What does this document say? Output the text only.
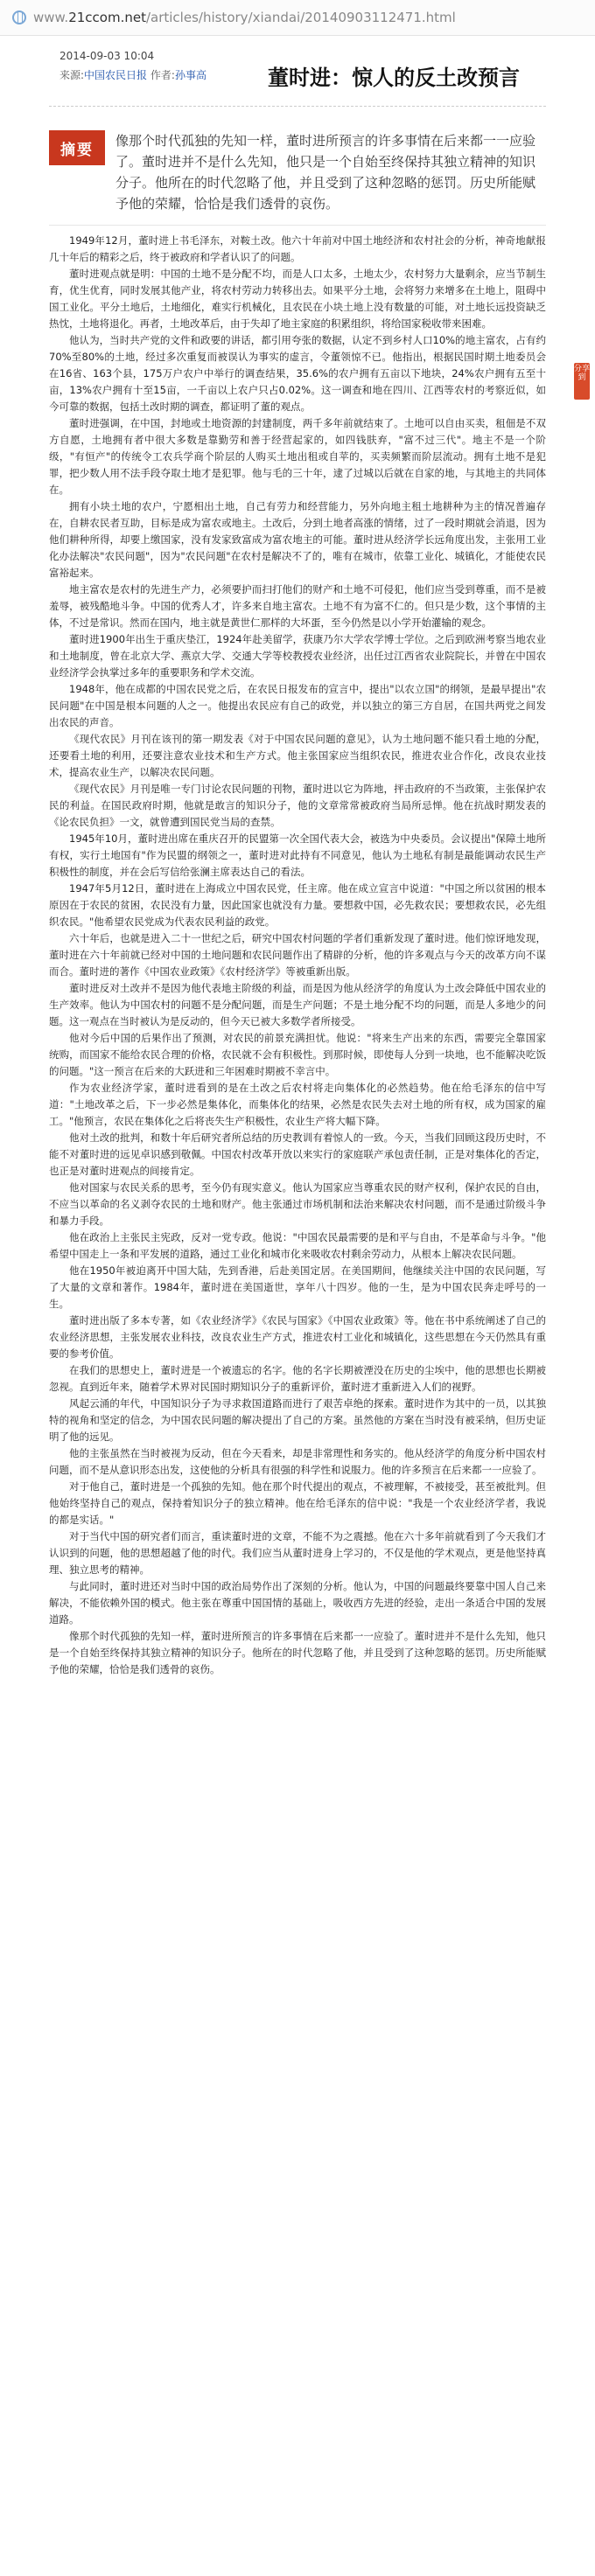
www.21ccom.net/articles/history/xiandai/20140903112471.html
2014-09-03 10:04
来源:中国农民日报 作者:孙事高	董时进：惊人的反土改预言
分享到
摘要
像那个时代孤独的先知一样，董时进所预言的许多事情在后来都一一应验了。董时进并不是什么先知，他只是一个自始至终保持其独立精神的知识分子。他所在的时代忽略了他，并且受到了这种忽略的惩罚。历史所能赋予他的荣耀，恰恰是我们透骨的哀伤。

1949年12月，董时进上书毛泽东，对鞍土改。他六十年前对中国土地经济和农村社会的分析，神奇地献报几十年后的精彩之后，终于被政府和学者认识了的问题。

董时进观点就是明：中国的土地不是分配不均，而是人口太多，土地太少，农村努力大量剩余，应当节制生育，优生优育，同时发展其他产业，将农村劳动力转移出去。如果平分土地，会将努力来增多在土地上，阻碍中国工业化。平分土地后，土地细化，难实行机械化，且农民在小块土地上没有数量的可能，对土地长远投资缺乏热忱，土地将退化。再者，土地改革后，由于失却了地主家庭的积累组织，将给国家税收带来困难。

他认为，当时共产党的文件和政要的讲话，都引用夸张的数据，认定不到乡村人口10%的地主富农，占有约70%至80%的土地，经过多次重复而被误认为事实的虚言，令董领惊不已。他指出，根据民国时期土地委员会在16省、163个县，175万户农户中举行的调查结果，35.6%的农户拥有五亩以下地块，24%农户拥有五至十亩，13%农户拥有十至15亩，一千亩以上农户只占0.02%。这一调查和地在四川、江西等农村的考察近似，如今可靠的数据，包括土改时期的调查，都证明了董的观点。

董时进强调，在中国，封地或土地资源的封建制度，两千多年前就结束了。土地可以自由买卖，租佃是不双方自愿，土地拥有者中很大多数是靠勤劳和善于经营起家的，如四钱肤弃，"富不过三代"。地主不是一个阶级，"有恒产"的传统令工农兵学商个阶层的人购买土地出租或自苹的，买卖频繁而阶层流动。拥有土地不是犯罪，把少数人用不法手段夺取土地才是犯罪。他与毛的三十年，逮了过城以后就在自家的地，与其地主的共同体在。

拥有小块土地的农户，宁愿相出土地，自己有劳力和经营能力，另外向地主租土地耕种为主的情况普遍存在，自耕农民者互助，目标是成为富农或地主。土改后，分到土地者高涨的情绪，过了一段时期就会消退，因为他们耕种所得，却要上缴国家，没有发家致富成为富农地主的可能。董时进从经济学长远角度出发，主张用工业化办法解决"农民问题"，因为"农民问题"在农村是解决不了的，唯有在城市，依靠工业化、城镇化，才能使农民富裕起来。

地主富农是农村的先进生产力，必须要护而扫打他们的财产和土地不可侵犯，他们应当受到尊重，而不是被羞辱，被残酷地斗争。中国的优秀人才，许多来自地主富农。土地不有为富不仁的。但只是少数，这个事情的主体，不过是常识。然而在国内，地主就是黄世仁那样的大坏蛋，至今仍然是以小学开始灌输的观念。

董时进1900年出生于重庆垫江，1924年赴美留学，获康乃尔大学农学博士学位。之后到欧洲考察当地农业和土地制度，曾在北京大学、燕京大学、交通大学等校教授农业经济，出任过江西省农业院院长，并曾在中国农业经济学会执掌过多年的重要职务和学术交流。

1948年，他在成都的中国农民党之后，在农民日报发布的宣言中，提出"以农立国"的纲领，是最早提出"农民问题"在中国是根本问题的人之一。他提出农民应有自己的政党，并以独立的第三方自居，在国共两党之间发出农民的声音。

《现代农民》月刊在该刊的第一期发表《对于中国农民问题的意见》，认为土地问题不能只看土地的分配，还要看土地的利用，还要注意农业技术和生产方式。他主张国家应当组织农民，推进农业合作化，改良农业技术，提高农业生产，以解决农民问题。

《现代农民》月刊是唯一专门讨论农民问题的刊物，董时进以它为阵地，抨击政府的不当政策，主张保护农民的利益。在国民政府时期，他就是敢言的知识分子，他的文章常常被政府当局所忌惮。他在抗战时期发表的《论农民负担》一文，就曾遭到国民党当局的查禁。

1945年10月，董时进出席在重庆召开的民盟第一次全国代表大会，被选为中央委员。会议提出"保障土地所有权，实行土地国有"作为民盟的纲领之一，董时进对此持有不同意见，他认为土地私有制是最能调动农民生产积极性的制度，并在会后写信给张澜主席表达自己的看法。

1947年5月12日，董时进在上海成立中国农民党，任主席。他在成立宣言中说道："中国之所以贫困的根本原因在于农民的贫困，农民没有力量，因此国家也就没有力量。要想救中国，必先救农民；要想救农民，必先组织农民。"他希望农民党成为代表农民利益的政党。

六十年后，也就是进入二十一世纪之后，研究中国农村问题的学者们重新发现了董时进。他们惊讶地发现，董时进在六十年前就已经对中国的土地问题和农民问题作出了精辟的分析，他的许多观点与今天的改革方向不谋而合。董时进的著作《中国农业政策》《农村经济学》等被重新出版。

董时进反对土改并不是因为他代表地主阶级的利益，而是因为他从经济学的角度认为土改会降低中国农业的生产效率。他认为中国农村的问题不是分配问题，而是生产问题；不是土地分配不均的问题，而是人多地少的问题。这一观点在当时被认为是反动的，但今天已被大多数学者所接受。

他对今后中国的后果作出了预测，对农民的前景充满担忧。他说："将来生产出来的东西，需要完全靠国家统购，而国家不能给农民合理的价格，农民就不会有积极性。到那时候，即使每人分到一块地，也不能解决吃饭的问题。"这一预言在后来的大跃进和三年困难时期被不幸言中。

作为农业经济学家，董时进看到的是在土改之后农村将走向集体化的必然趋势。他在给毛泽东的信中写道："土地改革之后，下一步必然是集体化，而集体化的结果，必然是农民失去对土地的所有权，成为国家的雇工。"他预言，农民在集体化之后将丧失生产积极性，农业生产将大幅下降。

他对土改的批判，和数十年后研究者所总结的历史教训有着惊人的一致。今天，当我们回顾这段历史时，不能不对董时进的远见卓识感到敬佩。中国农村改革开放以来实行的家庭联产承包责任制，正是对集体化的否定，也正是对董时进观点的间接肯定。

他对国家与农民关系的思考，至今仍有现实意义。他认为国家应当尊重农民的财产权利，保护农民的自由，不应当以革命的名义剥夺农民的土地和财产。他主张通过市场机制和法治来解决农村问题，而不是通过阶级斗争和暴力手段。

他在政治上主张民主宪政，反对一党专政。他说："中国农民最需要的是和平与自由，不是革命与斗争。"他希望中国走上一条和平发展的道路，通过工业化和城市化来吸收农村剩余劳动力，从根本上解决农民问题。

他在1950年被迫离开中国大陆，先到香港，后赴美国定居。在美国期间，他继续关注中国的农民问题，写了大量的文章和著作。1984年，董时进在美国逝世，享年八十四岁。他的一生，是为中国农民奔走呼号的一生。

董时进出版了多本专著，如《农业经济学》《农民与国家》《中国农业政策》等。他在书中系统阐述了自己的农业经济思想，主张发展农业科技，改良农业生产方式，推进农村工业化和城镇化，这些思想在今天仍然具有重要的参考价值。

在我们的思想史上，董时进是一个被遗忘的名字。他的名字长期被湮没在历史的尘埃中，他的思想也长期被忽视。直到近年来，随着学术界对民国时期知识分子的重新评价，董时进才重新进入人们的视野。

风起云涌的年代，中国知识分子为寻求救国道路而进行了艰苦卓绝的探索。董时进作为其中的一员，以其独特的视角和坚定的信念，为中国农民问题的解决提出了自己的方案。虽然他的方案在当时没有被采纳，但历史证明了他的远见。

他的主张虽然在当时被视为反动，但在今天看来，却是非常理性和务实的。他从经济学的角度分析中国农村问题，而不是从意识形态出发，这使他的分析具有很强的科学性和说服力。他的许多预言在后来都一一应验了。

对于他自己，董时进是一个孤独的先知。他在那个时代提出的观点，不被理解，不被接受，甚至被批判。但他始终坚持自己的观点，保持着知识分子的独立精神。他在给毛泽东的信中说："我是一个农业经济学者，我说的都是实话。"

对于当代中国的研究者们而言，重读董时进的文章，不能不为之震撼。他在六十多年前就看到了今天我们才认识到的问题，他的思想超越了他的时代。我们应当从董时进身上学习的，不仅是他的学术观点，更是他坚持真理、独立思考的精神。

与此同时，董时进还对当时中国的政治局势作出了深刻的分析。他认为，中国的问题最终要靠中国人自己来解决，不能依赖外国的模式。他主张在尊重中国国情的基础上，吸收西方先进的经验，走出一条适合中国的发展道路。

像那个时代孤独的先知一样，董时进所预言的许多事情在后来都一一应验了。董时进并不是什么先知，他只是一个自始至终保持其独立精神的知识分子。他所在的时代忽略了他，并且受到了这种忽略的惩罚。历史所能赋予他的荣耀，恰恰是我们透骨的哀伤。
